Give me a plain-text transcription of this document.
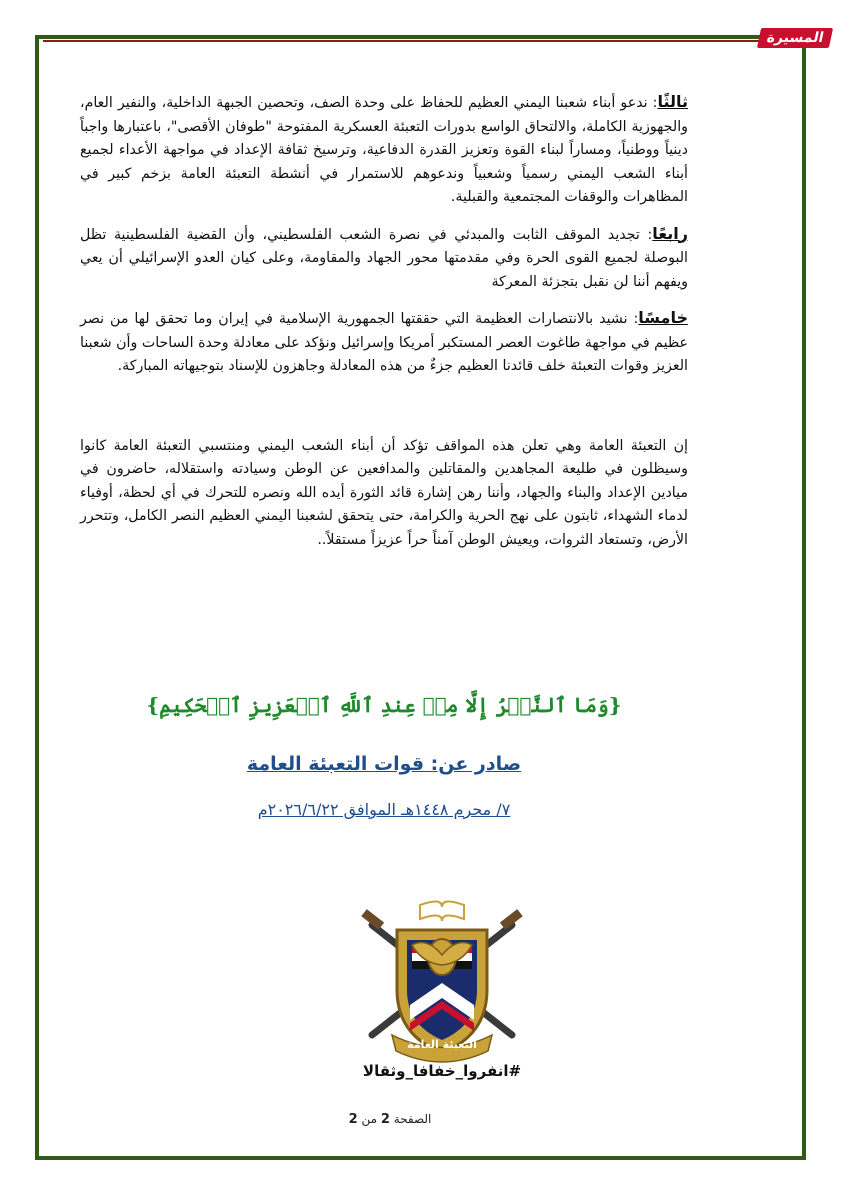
المسيرة

ثالثًا: ندعو أبناء شعبنا اليمني العظيم للحفاظ على وحدة الصف، وتحصين الجبهة الداخلية، والنفير العام، والجهوزية الكاملة، والالتحاق الواسع بدورات التعبئة العسكرية المفتوحة "طوفان الأقصى"، باعتبارها واجباً دينياً ووطنياً، ومساراً لبناء القوة وتعزيز القدرة الدفاعية، وترسيخ ثقافة الإعداد في مواجهة الأعداء لجميع أبناء الشعب اليمني رسمياً وشعبياً وندعوهم للاستمرار في أنشطة التعبئة العامة بزخم كبير في المظاهرات والوقفات المجتمعية والقبلية.

رابعًا: تجديد الموقف الثابت والمبدئي في نصرة الشعب الفلسطيني، وأن القضية الفلسطينية تظل البوصلة لجميع القوى الحرة وفي مقدمتها محور الجهاد والمقاومة، وعلى كيان العدو الإسرائيلي أن يعي ويفهم أننا لن نقبل بتجزئة المعركة

خامسًا: نشيد بالانتصارات العظيمة التي حققتها الجمهورية الإسلامية في إيران وما تحقق لها من نصر عظيم في مواجهة طاغوت العصر المستكبر أمريكا وإسرائيل ونؤكد على معادلة وحدة الساحات وأن شعبنا العزيز وقوات التعبئة خلف قائدنا العظيم جزءٌ من هذه المعادلة وجاهزون للإسناد بتوجيهاته المباركة.

إن التعبئة العامة وهي تعلن هذه المواقف تؤكد أن أبناء الشعب اليمني ومنتسبي التعبئة العامة كانوا وسيظلون في طليعة المجاهدين والمقاتلين والمدافعين عن الوطن وسيادته واستقلاله، حاضرون في ميادين الإعداد والبناء والجهاد، وأننا رهن إشارة قائد الثورة أيده الله ونصره للتحرك في أي لحظة، أوفياء لدماء الشهداء، ثابتون على نهج الحرية والكرامة، حتى يتحقق لشعبنا اليمني العظيم النصر الكامل، وتتحرر الأرض، وتستعاد الثروات، ويعيش الوطن آمناً حراً عزيزاً مستقلاً..

{وَمَا ٱلنَّصۡرُ إِلَّا مِنۡ عِندِ ٱللَّهِ ٱلۡعَزِيزِ ٱلۡحَكِيمِ}
صادر عن: قوات التعبئة العامة
٧/ محرم ١٤٤٨هـ الموافق ٢٠٢٦/٦/٢٢م
التعبئة العامة
#انفروا_خفافا_وثقالا
الصفحة 2 من 2
